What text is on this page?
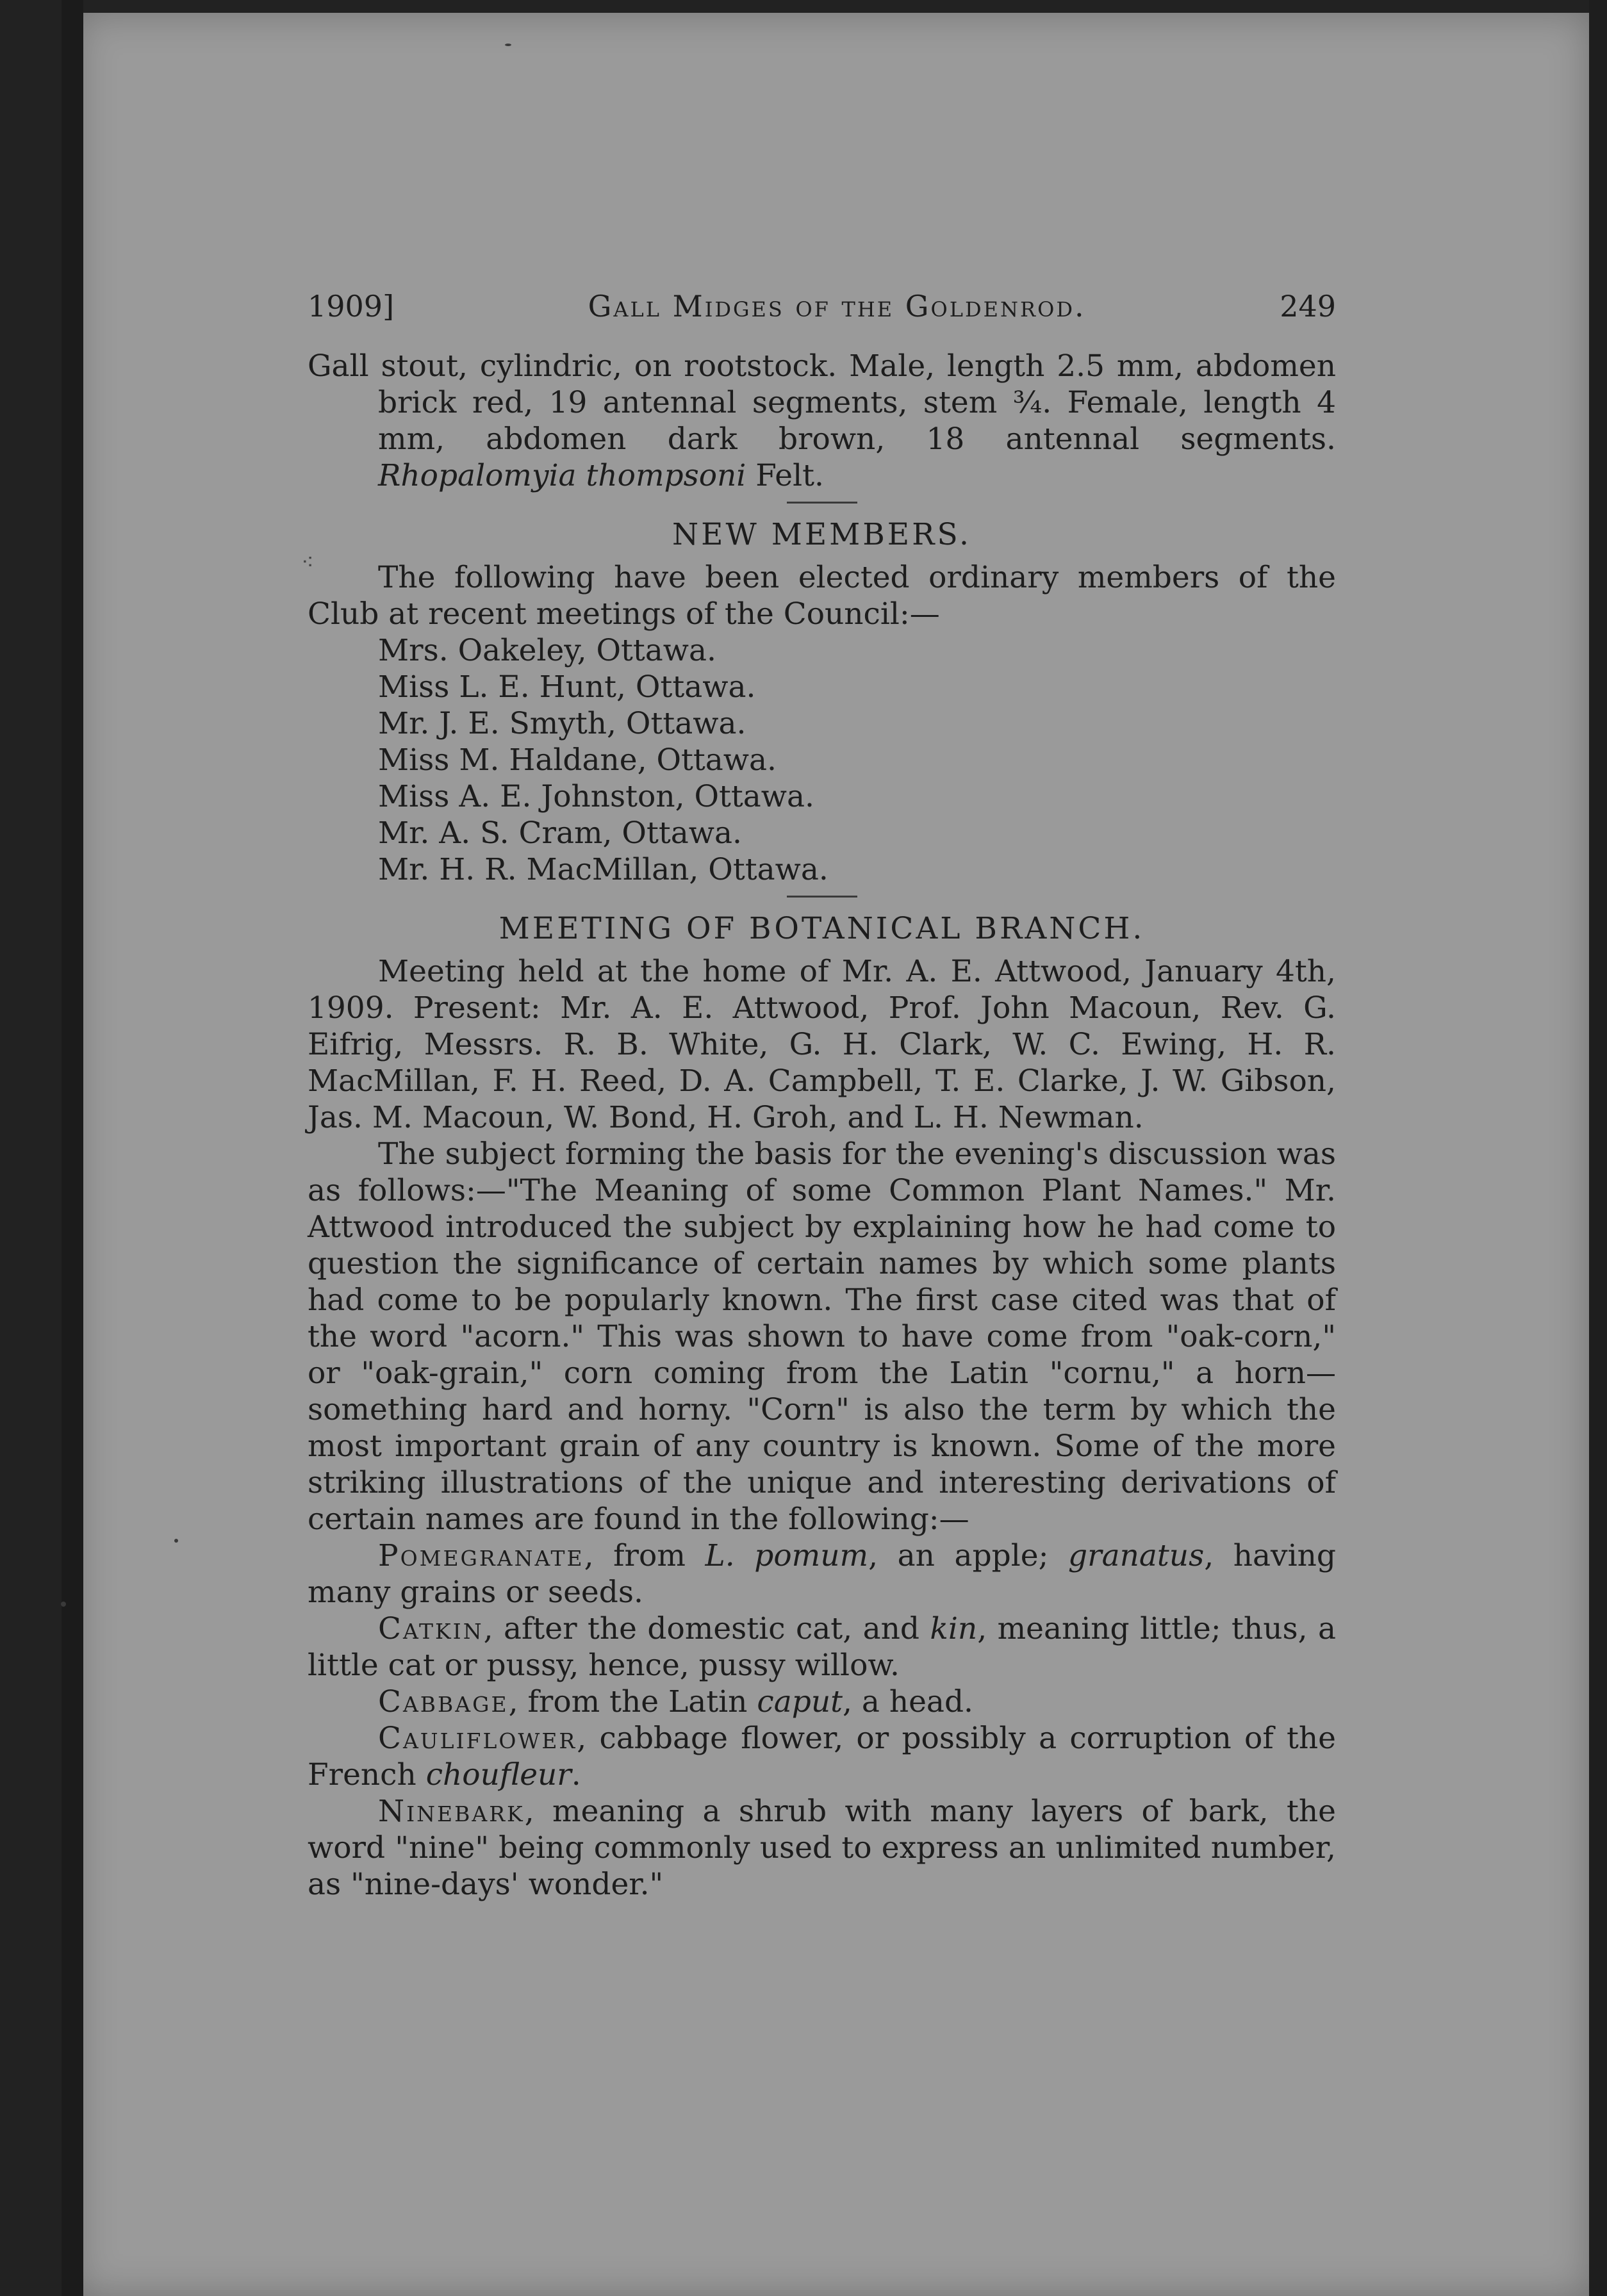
⁖
1909]	Gall Midges of the Goldenrod.	249

Gall stout, cylindric, on rootstock. Male, length 2.5 mm, abdomen brick red, 19 antennal segments, stem ¾. Female, length 4 mm, abdomen dark brown, 18 antennal segments. Rhopalomyia thompsoni Felt.

NEW MEMBERS.

The following have been elected ordinary members of the Club at recent meetings of the Council:—

Mrs. Oakeley, Ottawa.
Miss L. E. Hunt, Ottawa.
Mr. J. E. Smyth, Ottawa.
Miss M. Haldane, Ottawa.
Miss A. E. Johnston, Ottawa.
Mr. A. S. Cram, Ottawa.
Mr. H. R. MacMillan, Ottawa.
MEETING OF BOTANICAL BRANCH.

Meeting held at the home of Mr. A. E. Attwood, January 4th, 1909. Present: Mr. A. E. Attwood, Prof. John Macoun, Rev. G. Eifrig, Messrs. R. B. White, G. H. Clark, W. C. Ewing, H. R. MacMillan, F. H. Reed, D. A. Campbell, T. E. Clarke, J. W. Gibson, Jas. M. Macoun, W. Bond, H. Groh, and L. H. Newman.

The subject forming the basis for the evening's discussion was as follows:—"The Meaning of some Common Plant Names." Mr. Attwood introduced the subject by explaining how he had come to question the significance of certain names by which some plants had come to be popularly known. The first case cited was that of the word "acorn." This was shown to have come from "oak-corn," or "oak-grain," corn coming from the Latin "cornu," a horn—something hard and horny. "Corn" is also the term by which the most important grain of any country is known. Some of the more striking illustrations of the unique and interesting derivations of certain names are found in the following:—

Pomegranate, from L. pomum, an apple; granatus, having many grains or seeds.

Catkin, after the domestic cat, and kin, meaning little; thus, a little cat or pussy, hence, pussy willow.

Cabbage, from the Latin caput, a head.

Cauliflower, cabbage flower, or possibly a corruption of the French choufleur.

Ninebark, meaning a shrub with many layers of bark, the word "nine" being commonly used to express an unlimited number, as "nine-days' wonder."
